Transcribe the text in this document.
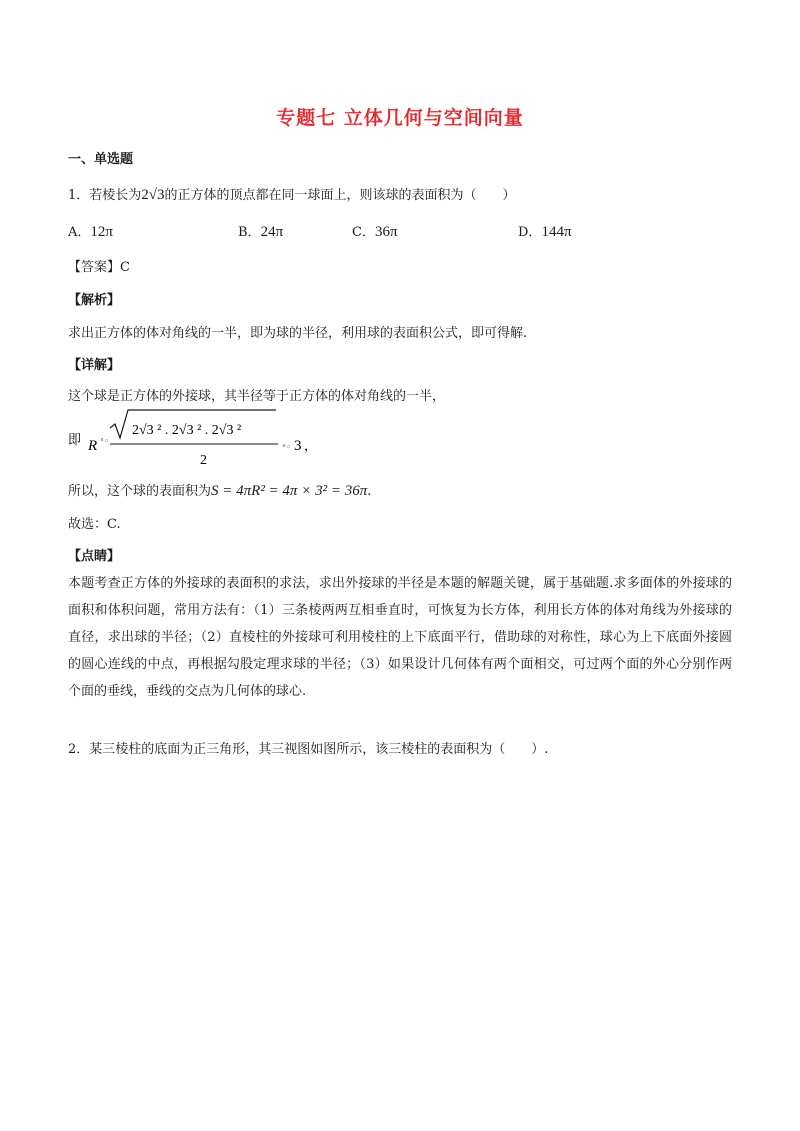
专题七 立体几何与空间向量
一、单选题
1．若棱长为2√3的正方体的顶点都在同一球面上，则该球的表面积为（　　）
A．12π	B．24π	C．36π	D．144π
【答案】C
【解析】
求出正方体的体对角线的一半，即为球的半径，利用球的表面积公式，即可得解.
【详解】
这个球是正方体的外接球，其半径等于正方体的体对角线的一半，
即 R ˣ◦
2√3 ² . 2√3 ² . 2√3 ²
2
ˣ◦ 3 ，
所以，这个球的表面积为S = 4πR² = 4π × 3² = 36π.
故选：C.
【点睛】
本题考查正方体的外接球的表面积的求法，求出外接球的半径是本题的解题关键，属于基础题.求多面体的外接球的面积和体积问题，常用方法有：（1）三条棱两两互相垂直时，可恢复为长方体，利用长方体的体对角线为外接球的直径，求出球的半径；（2）直棱柱的外接球可利用棱柱的上下底面平行，借助球的对称性，球心为上下底面外接圆的圆心连线的中点，再根据勾股定理求球的半径；（3）如果设计几何体有两个面相交，可过两个面的外心分别作两个面的垂线，垂线的交点为几何体的球心.
2．某三棱柱的底面为正三角形，其三视图如图所示，该三棱柱的表面积为（　　）.
